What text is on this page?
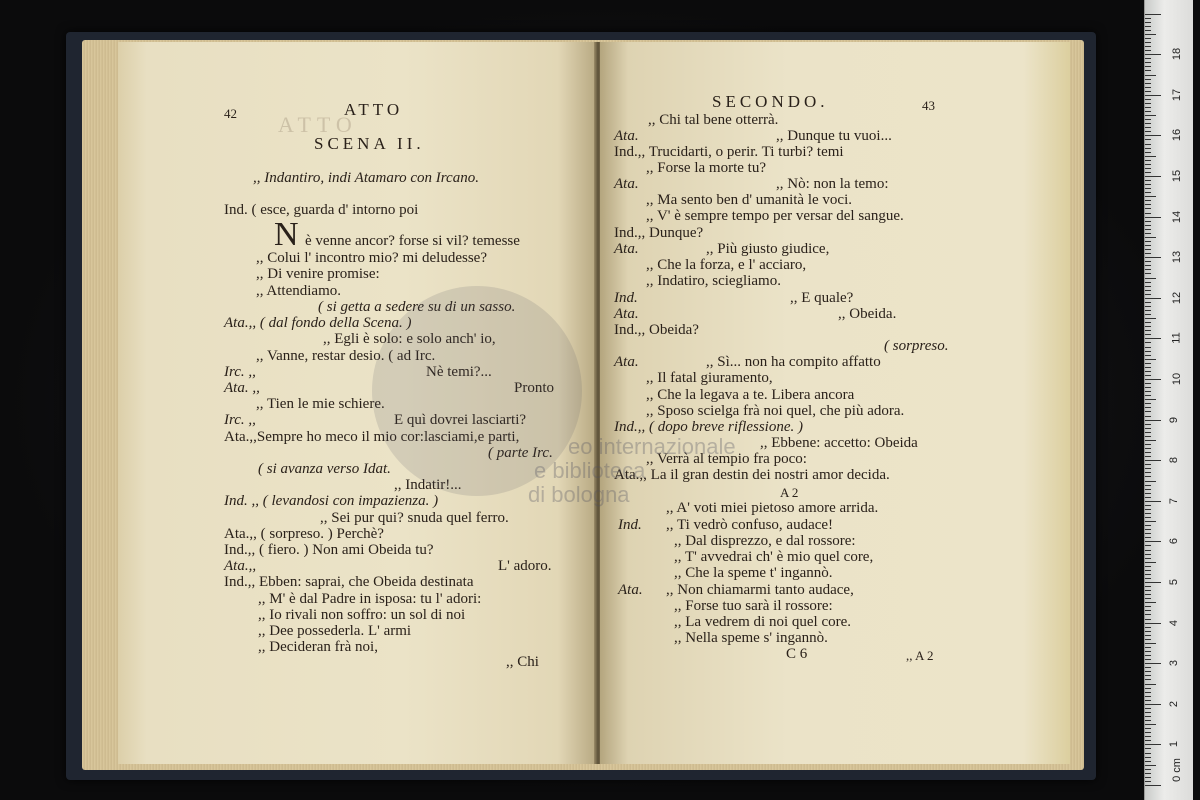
ATTO
42	ATTO
SCENA II.
,, Indantiro, indi Atamaro con Ircano.
Ind. ( esce, guarda d' intorno poi
N è venne ancor? forse si vil? temesse
,, Colui l' incontro mio? mi deludesse?
,, Di venire promise:
,, Attendiamo.
( si getta a sedere su di un sasso.
Ata.,, ( dal fondo della Scena. )
,, Egli è solo: e solo anch' io,
,, Vanne, restar desio. ( ad Irc.
Irc. ,,	Nè temi?...
Ata. ,,	Pronto
,, Tien le mie schiere.
Irc. ,,	E quì dovrei lasciarti?
Ata.,,Sempre ho meco il mio cor:lasciami,e parti,
( parte Irc.
( si avanza verso Idat.
,, Indatir!...
Ind. ,, ( levandosi con impazienza. )
,, Sei pur qui? snuda quel ferro.
Ata.,, ( sorpreso. ) Perchè?
Ind.,, ( fiero. ) Non ami Obeida tu?
Ata.,,	L' adoro.
Ind.,, Ebben: saprai, che Obeida destinata
,, M' è dal Padre in isposa: tu l' adori:
,, Io rivali non soffro: un sol di noi
,, Dee possederla. L' armi
,, Decideran frà noi,
,, Chi
SECONDO.	43
,, Chi tal bene otterrà.
Ata.	,, Dunque tu vuoi...
Ind.,, Trucidarti, o perir. Ti turbi? temi
,, Forse la morte tu?
Ata.	,, Nò: non la temo:
,, Ma sento ben d' umanità le voci.
,, V' è sempre tempo per versar del sangue.
Ind.,, Dunque?
Ata.	,, Più giusto giudice,
,, Che la forza, e l' acciaro,
,, Indatiro, sciegliamo.
Ind.	,, E quale?
Ata.	,, Obeida.
Ind.,, Obeida?
( sorpreso.
Ata.	,, Sì... non ha compito affatto
,, Il fatal giuramento,
,, Che la legava a te. Libera ancora
,, Sposo scielga frà noi quel, che più adora.
Ind.,, ( dopo breve riflessione. )
,, Ebbene: accetto: Obeida
,, Verrà al tempio fra poco:
Ata.,, La il gran destin dei nostri amor decida.
A 2
,, A' voti miei pietoso amore arrida.
Ind. ,, Ti vedrò confuso, audace!
,, Dal disprezzo, e dal rossore:
,, T' avvedrai ch' è mio quel core,
,, Che la speme t' ingannò.
Ata. ,, Non chiamarmi tanto audace,
,, Forse tuo sarà il rossore:
,, La vedrem di noi quel core.
,, Nella speme s' ingannò.
C 6	,, A 2
eo internazionale
e biblioteca
di bologna
0 cm
1
2
3
4
5
6
7
8
9
10
11
12
13
14
15
16
17
18
